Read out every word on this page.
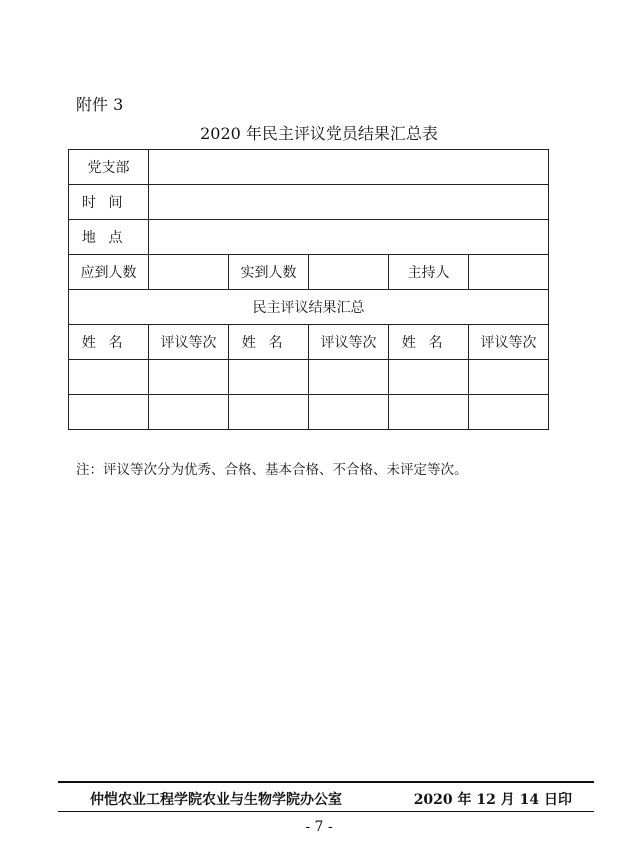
附件 3
2020 年民主评议党员结果汇总表
党支部					
时间					
地点					
应到人数		实到人数		主持人	
民主评议结果汇总					
姓名	评议等次	姓名	评议等次	姓名	评议等次

注：评议等次分为优秀、合格、基本合格、不合格、未评定等次。
仲恺农业工程学院农业与生物学院办公室	2020 年 12 月 14 日印
- 7 -
